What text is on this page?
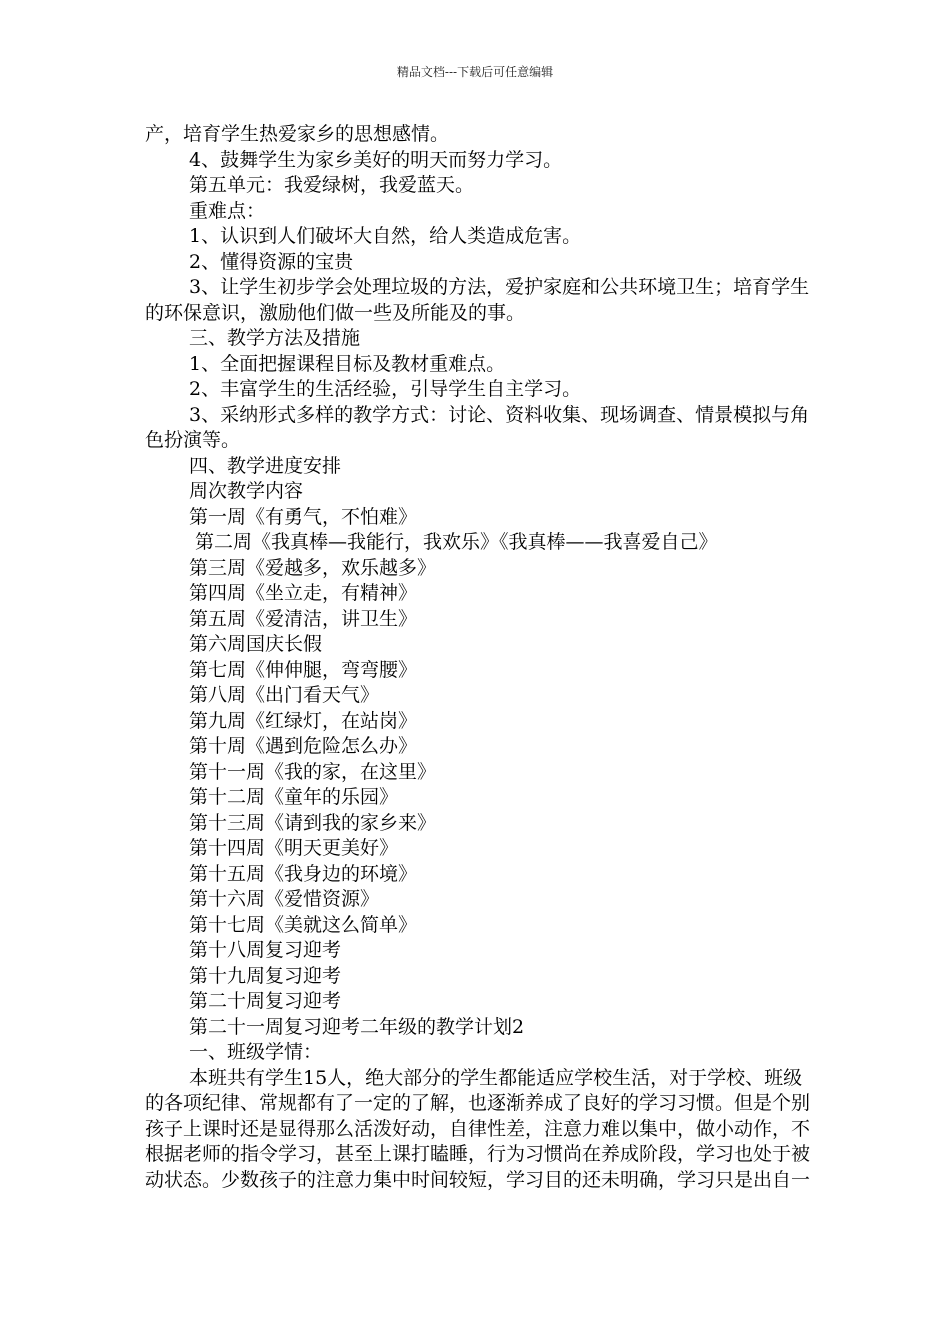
精品文档---下载后可任意编辑

产，培育学生热爱家乡的思想感情。

4、鼓舞学生为家乡美好的明天而努力学习。

第五单元：我爱绿树，我爱蓝天。

重难点：

1、认识到人们破坏大自然，给人类造成危害。

2、懂得资源的宝贵

3、让学生初步学会处理垃圾的方法，爱护家庭和公共环境卫生；培育学生的环保意识，激励他们做一些及所能及的事。

三、教学方法及措施

1、全面把握课程目标及教材重难点。

2、丰富学生的生活经验，引导学生自主学习。

3、采纳形式多样的教学方式：讨论、资料收集、现场调查、情景模拟与角色扮演等。

四、教学进度安排

周次教学内容

第一周《有勇气，不怕难》

第二周《我真棒—我能行，我欢乐》《我真棒——我喜爱自己》

第三周《爱越多，欢乐越多》

第四周《坐立走，有精神》

第五周《爱清洁，讲卫生》

第六周国庆长假

第七周《伸伸腿，弯弯腰》

第八周《出门看天气》

第九周《红绿灯，在站岗》

第十周《遇到危险怎么办》

第十一周《我的家，在这里》

第十二周《童年的乐园》

第十三周《请到我的家乡来》

第十四周《明天更美好》

第十五周《我身边的环境》

第十六周《爱惜资源》

第十七周《美就这么简单》

第十八周复习迎考

第十九周复习迎考

第二十周复习迎考

第二十一周复习迎考二年级的教学计划2

一、班级学情：

本班共有学生15人，绝大部分的学生都能适应学校生活，对于学校、班级的各项纪律、常规都有了一定的了解，也逐渐养成了良好的学习习惯。但是个别孩子上课时还是显得那么活泼好动，自律性差，注意力难以集中，做小动作，不根据老师的指令学习，甚至上课打瞌睡，行为习惯尚在养成阶段，学习也处于被动状态。少数孩子的注意力集中时间较短，学习目的还未明确，学习只是出自一
